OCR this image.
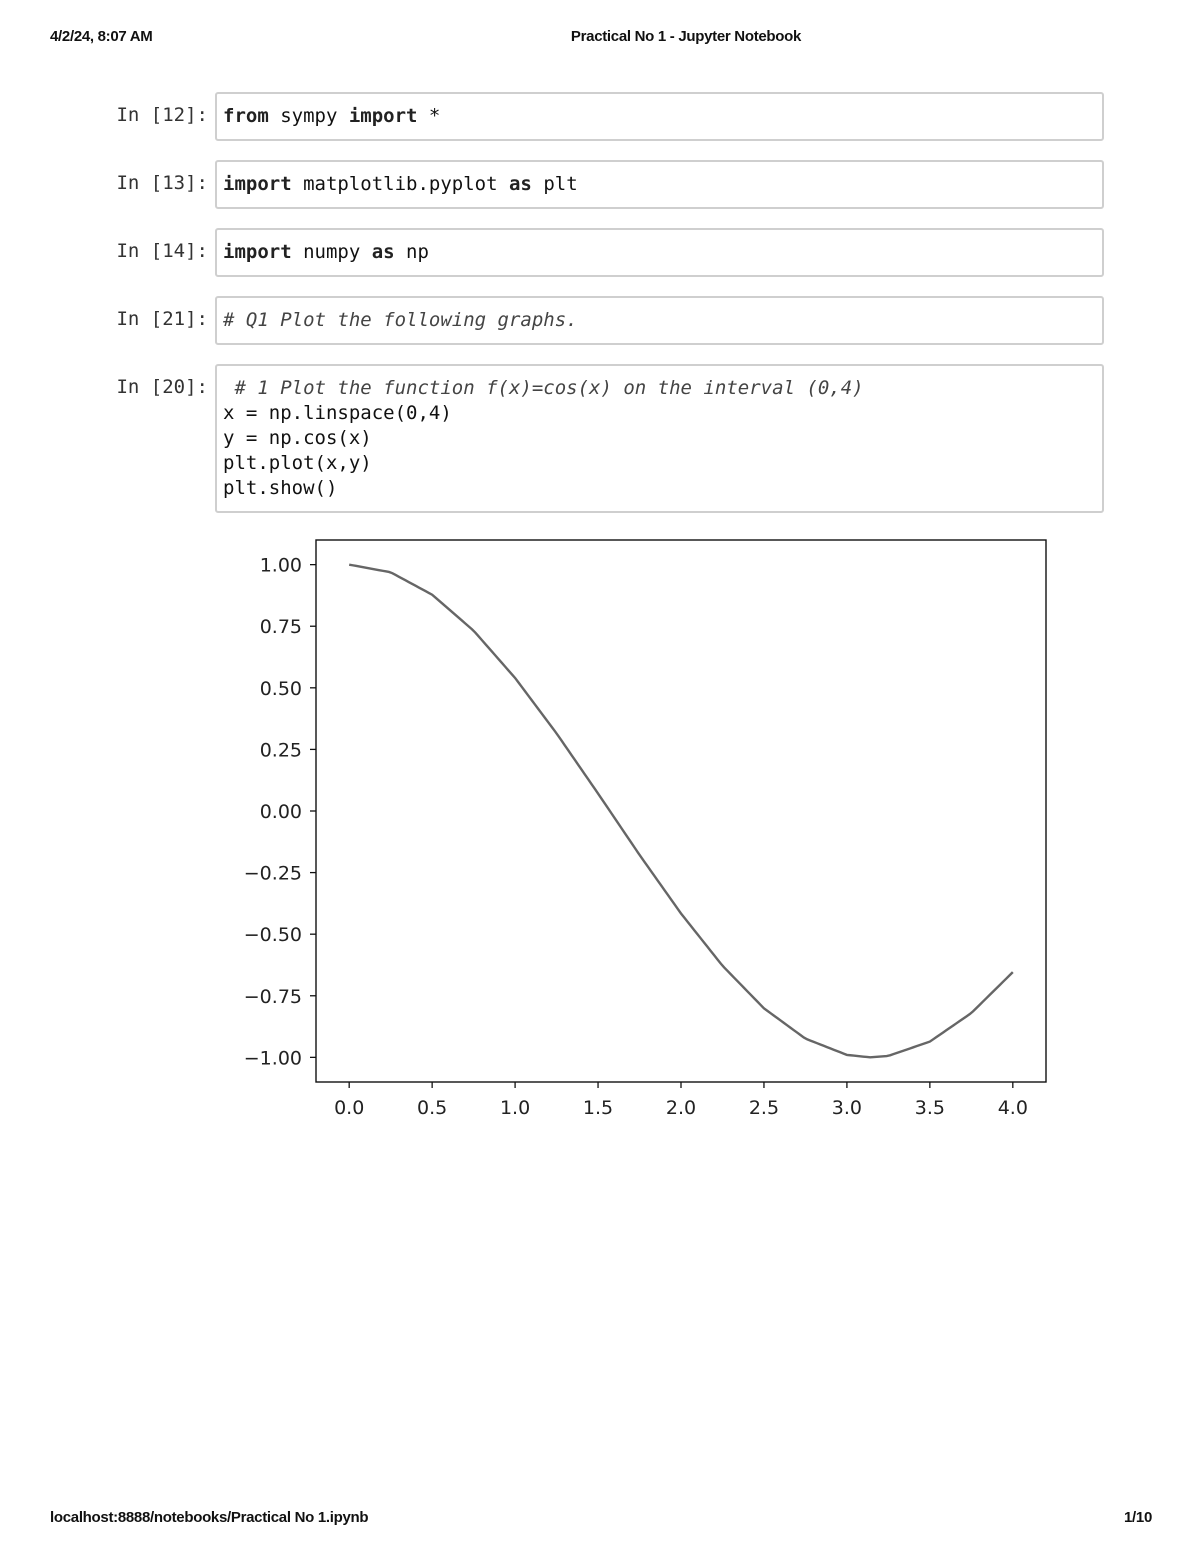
4/2/24, 8:07 AM	Practical No 1 - Jupyter Notebook
In [12]: from sympy import *
In [13]: import matplotlib.pyplot as plt
In [14]: import numpy as np
In [21]: # Q1 Plot the following graphs.
In [20]: # 1 Plot the function f(x)=cos(x) on the interval (0,4)
x = np.linspace(0,4)
y = np.cos(x)
plt.plot(x,y)
plt.show()
0.0	0.5	1.0	1.5	2.0	2.5	3.0	3.5	4.0
1.00
0.75
0.50
0.25
0.00
−0.25
−0.50
−0.75
−1.00
localhost:8888/notebooks/Practical No 1.ipynb	1/10
